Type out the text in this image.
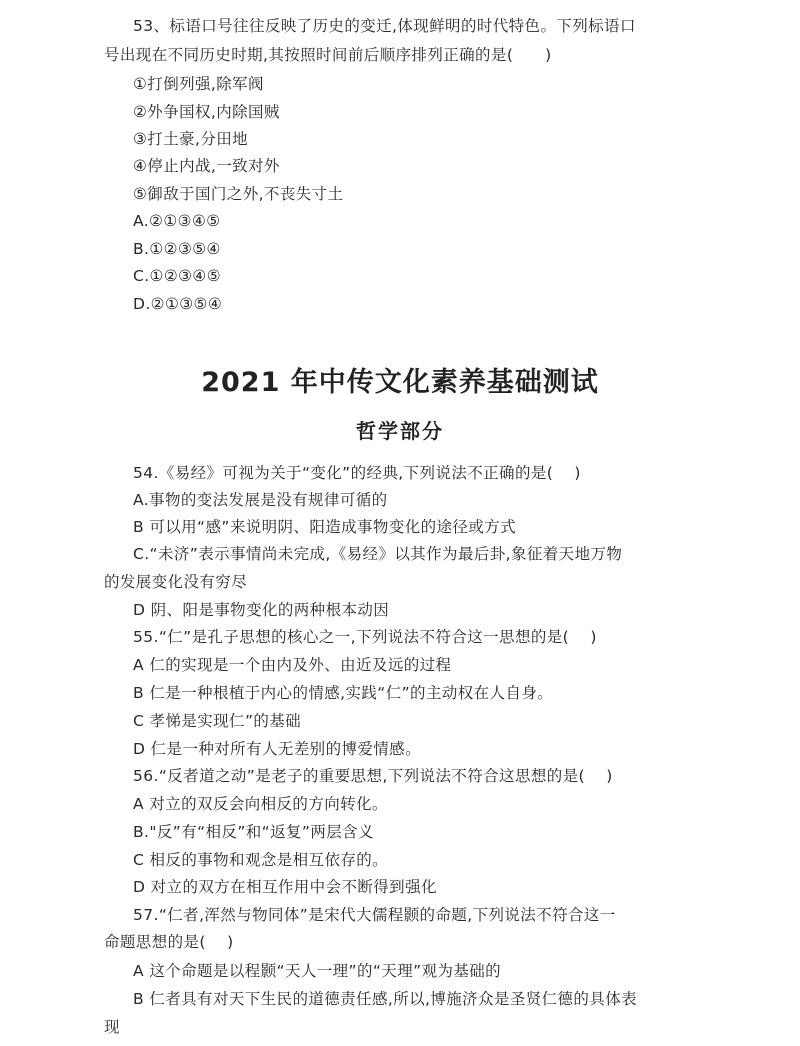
53、标语口号往往反映了历史的变迁,体现鲜明的时代特色。下列标语口
号出现在不同历史时期,其按照时间前后顺序排列正确的是(　　)
①打倒列强,除军阀
②外争国权,内除国贼
③打土豪,分田地
④停止内战,一致对外
⑤御敌于国门之外,不丧失寸土
A.②①③④⑤
B.①②③⑤④
C.①②③④⑤
D.②①③⑤④
2021 年中传文化素养基础测试
哲学部分
54.《易经》可视为关于“变化”的经典,下列说法不正确的是(　 )
A.事物的变法发展是没有规律可循的
B 可以用“感”来说明阴、阳造成事物变化的途径或方式
C.“未济”表示事情尚未完成,《易经》以其作为最后卦,象征着天地万物
的发展变化没有穷尽
D 阴、阳是事物变化的两种根本动因
55.“仁”是孔子思想的核心之一,下列说法不符合这一思想的是(　 )
A 仁的实现是一个由内及外、由近及远的过程
B 仁是一种根植于内心的情感,实践“仁”的主动权在人自身。
C 孝悌是实现仁”的基础
D 仁是一种对所有人无差别的博爱情感。
56.“反者道之动”是老子的重要思想,下列说法不符合这思想的是(　 )
A 对立的双反会向相反的方向转化。
B."反”有“相反”和“返复”两层含义
C 相反的事物和观念是相互依存的。
D 对立的双方在相互作用中会不断得到强化
57.“仁者,浑然与物同体”是宋代大儒程颢的命题,下列说法不符合这一
命题思想的是(　 )
A 这个命题是以程颢“天人一理”的“天理”观为基础的
B 仁者具有对天下生民的道德责任感,所以,博施济众是圣贤仁德的具体表
现
